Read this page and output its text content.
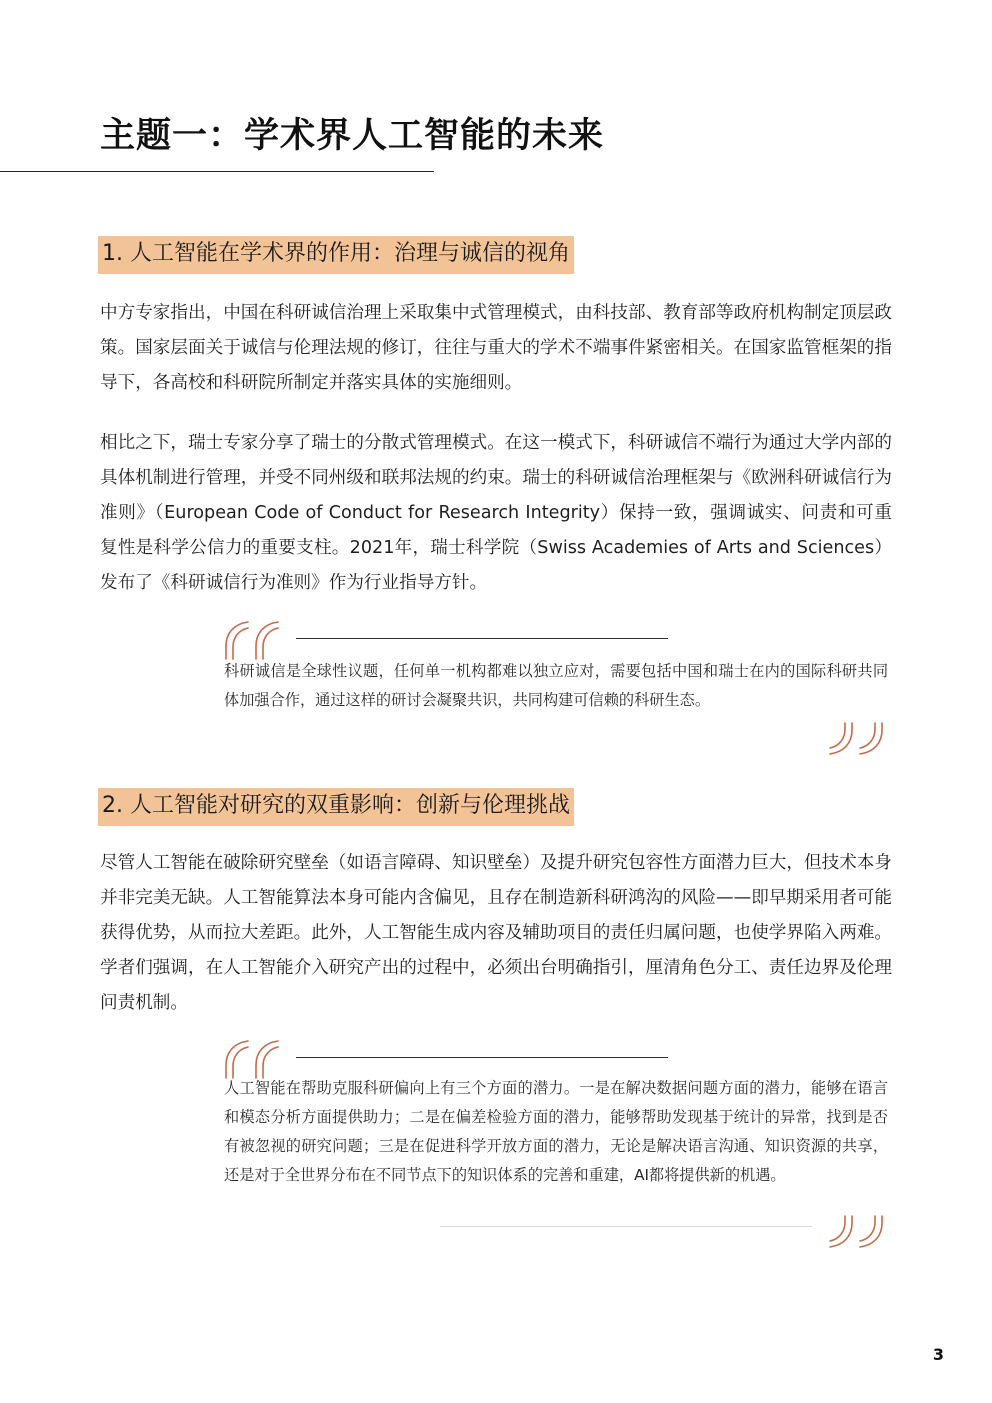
主题一：学术界人工智能的未来
1. 人工智能在学术界的作用：治理与诚信的视角

中方专家指出，中国在科研诚信治理上采取集中式管理模式，由科技部、教育部等政府机构制定顶层政策。国家层面关于诚信与伦理法规的修订，往往与重大的学术不端事件紧密相关。在国家监管框架的指导下，各高校和科研院所制定并落实具体的实施细则。

相比之下，瑞士专家分享了瑞士的分散式管理模式。在这一模式下，科研诚信不端行为通过大学内部的具体机制进行管理，并受不同州级和联邦法规的约束。瑞士的科研诚信治理框架与《欧洲科研诚信行为准则》（European Code of Conduct for Research Integrity）保持一致，强调诚实、问责和可重复性是科学公信力的重要支柱。2021年，瑞士科学院（Swiss Academies of Arts and Sciences）发布了《科研诚信行为准则》作为行业指导方针。

科研诚信是全球性议题，任何单一机构都难以独立应对，需要包括中国和瑞士在内的国际科研共同体加强合作，通过这样的研讨会凝聚共识，共同构建可信赖的科研生态。

2. 人工智能对研究的双重影响：创新与伦理挑战

尽管人工智能在破除研究壁垒（如语言障碍、知识壁垒）及提升研究包容性方面潜力巨大，但技术本身并非完美无缺。人工智能算法本身可能内含偏见，且存在制造新科研鸿沟的风险——即早期采用者可能获得优势，从而拉大差距。此外，人工智能生成内容及辅助项目的责任归属问题，也使学界陷入两难。学者们强调，在人工智能介入研究产出的过程中，必须出台明确指引，厘清角色分工、责任边界及伦理问责机制。

人工智能在帮助克服科研偏向上有三个方面的潜力。一是在解决数据问题方面的潜力，能够在语言和模态分析方面提供助力；二是在偏差检验方面的潜力，能够帮助发现基于统计的异常，找到是否有被忽视的研究问题；三是在促进科学开放方面的潜力，无论是解决语言沟通、知识资源的共享，还是对于全世界分布在不同节点下的知识体系的完善和重建，AI都将提供新的机遇。

3
